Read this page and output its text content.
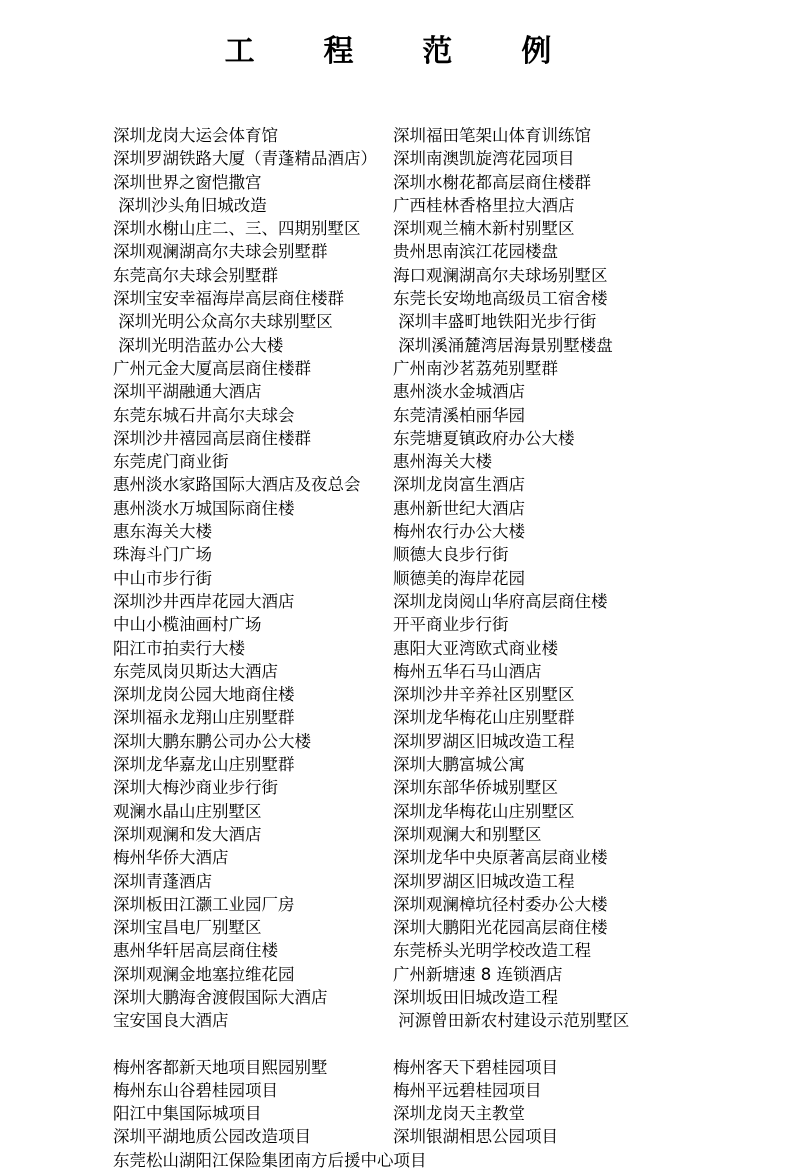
工  程  范  例
深圳龙岗大运会体育馆	深圳福田笔架山体育训练馆
深圳罗湖铁路大厦（青蓬精品酒店） 深圳南澳凯旋湾花园项目
深圳世界之窗恺撒宫	深圳水榭花都高层商住楼群
深圳沙头角旧城改造	广西桂林香格里拉大酒店
深圳水榭山庄二、三、四期别墅区	深圳观兰楠木新村别墅区
深圳观澜湖高尔夫球会别墅群	贵州思南滨江花园楼盘
东莞高尔夫球会别墅群	海口观澜湖高尔夫球场别墅区
深圳宝安幸福海岸高层商住楼群	东莞长安坳地高级员工宿舍楼
深圳光明公众高尔夫球别墅区	深圳丰盛町地铁阳光步行街
深圳光明浩蓝办公大楼	深圳溪涌麓湾居海景别墅楼盘
广州元金大厦高层商住楼群	广州南沙茗荔苑别墅群
深圳平湖融通大酒店	惠州淡水金城酒店
东莞东城石井高尔夫球会	东莞清溪柏丽华园
深圳沙井禧园高层商住楼群	东莞塘夏镇政府办公大楼
东莞虎门商业街	惠州海关大楼
惠州淡水家路国际大酒店及夜总会	深圳龙岗富生酒店
惠州淡水万城国际商住楼	惠州新世纪大酒店
惠东海关大楼	梅州农行办公大楼
珠海斗门广场	顺德大良步行街
中山市步行街	顺德美的海岸花园
深圳沙井西岸花园大酒店	深圳龙岗阅山华府高层商住楼
中山小榄油画村广场	开平商业步行街
阳江市拍卖行大楼	惠阳大亚湾欧式商业楼
东莞凤岗贝斯达大酒店	梅州五华石马山酒店
深圳龙岗公园大地商住楼	深圳沙井辛养社区别墅区
深圳福永龙翔山庄别墅群	深圳龙华梅花山庄别墅群
深圳大鹏东鹏公司办公大楼	深圳罗湖区旧城改造工程
深圳龙华嘉龙山庄别墅群	深圳大鹏富城公寓
深圳大梅沙商业步行街	深圳东部华侨城别墅区
观澜水晶山庄别墅区	深圳龙华梅花山庄别墅区
深圳观澜和发大酒店	深圳观澜大和别墅区
梅州华侨大酒店	深圳龙华中央原著高层商业楼
深圳青蓬酒店	深圳罗湖区旧城改造工程
深圳板田江灏工业园厂房	深圳观澜樟坑径村委办公大楼
深圳宝昌电厂别墅区	深圳大鹏阳光花园高层商住楼
惠州华轩居高层商住楼	东莞桥头光明学校改造工程
深圳观澜金地塞拉维花园	广州新塘速 8 连锁酒店
深圳大鹏海舍渡假国际大酒店	深圳坂田旧城改造工程
宝安国良大酒店	河源曾田新农村建设示范别墅区
梅州客都新天地项目熙园别墅	梅州客天下碧桂园项目
梅州东山谷碧桂园项目	梅州平远碧桂园项目
阳江中集国际城项目	深圳龙岗天主教堂
深圳平湖地质公园改造项目	深圳银湖相思公园项目
东莞松山湖阳江保险集团南方后援中心项目
